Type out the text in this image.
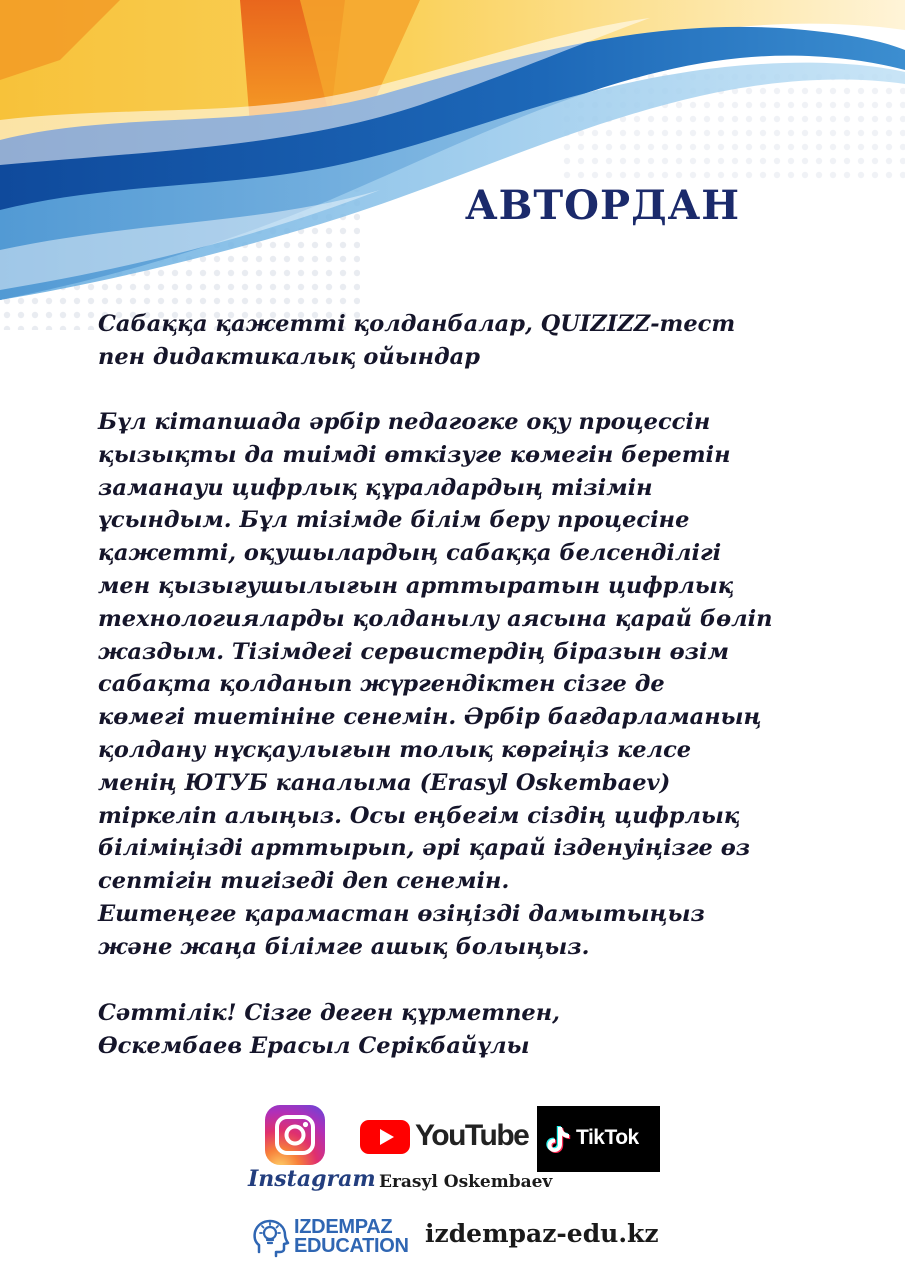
АВТОРДАН
Сабаққа қажетті қолданбалар, QUIZIZZ-тест
пен дидактикалық ойындар
Бұл кітапшада әрбір педагогке оқу процессін
қызықты да тиімді өткізуге көмегін беретін
заманауи цифрлық құралдардың тізімін
ұсындым. Бұл тізімде білім беру процесіне
қажетті, оқушылардың сабаққа белсенділігі
мен қызығушылығын арттыратын цифрлық
технологияларды қолданылу аясына қарай бөліп
жаздым. Тізімдегі сервистердің біразын өзім
сабақта қолданып жүргендіктен сізге де
көмегі тиетініне сенемін. Әрбір бағдарламаның
қолдану нұсқаулығын толық көргіңіз келсе
менің ЮТУБ каналыма (Erasyl Oskembaev)
тіркеліп алыңыз. Осы еңбегім сіздің цифрлық
біліміңізді арттырып, әрі қарай ізденуіңізге өз
септігін тигізеді деп сенемін.
Ештеңеге қарамастан өзіңізді дамытыңыз
және жаңа білімге ашық болыңыз.
Сәттілік! Сізге деген құрметпен,
Өскембаев Ерасыл Серікбайұлы
Instagram
YouTube TikTok
Erasyl Oskembaev
IZDEMPAZ
EDUCATION izdempaz-edu.kz
